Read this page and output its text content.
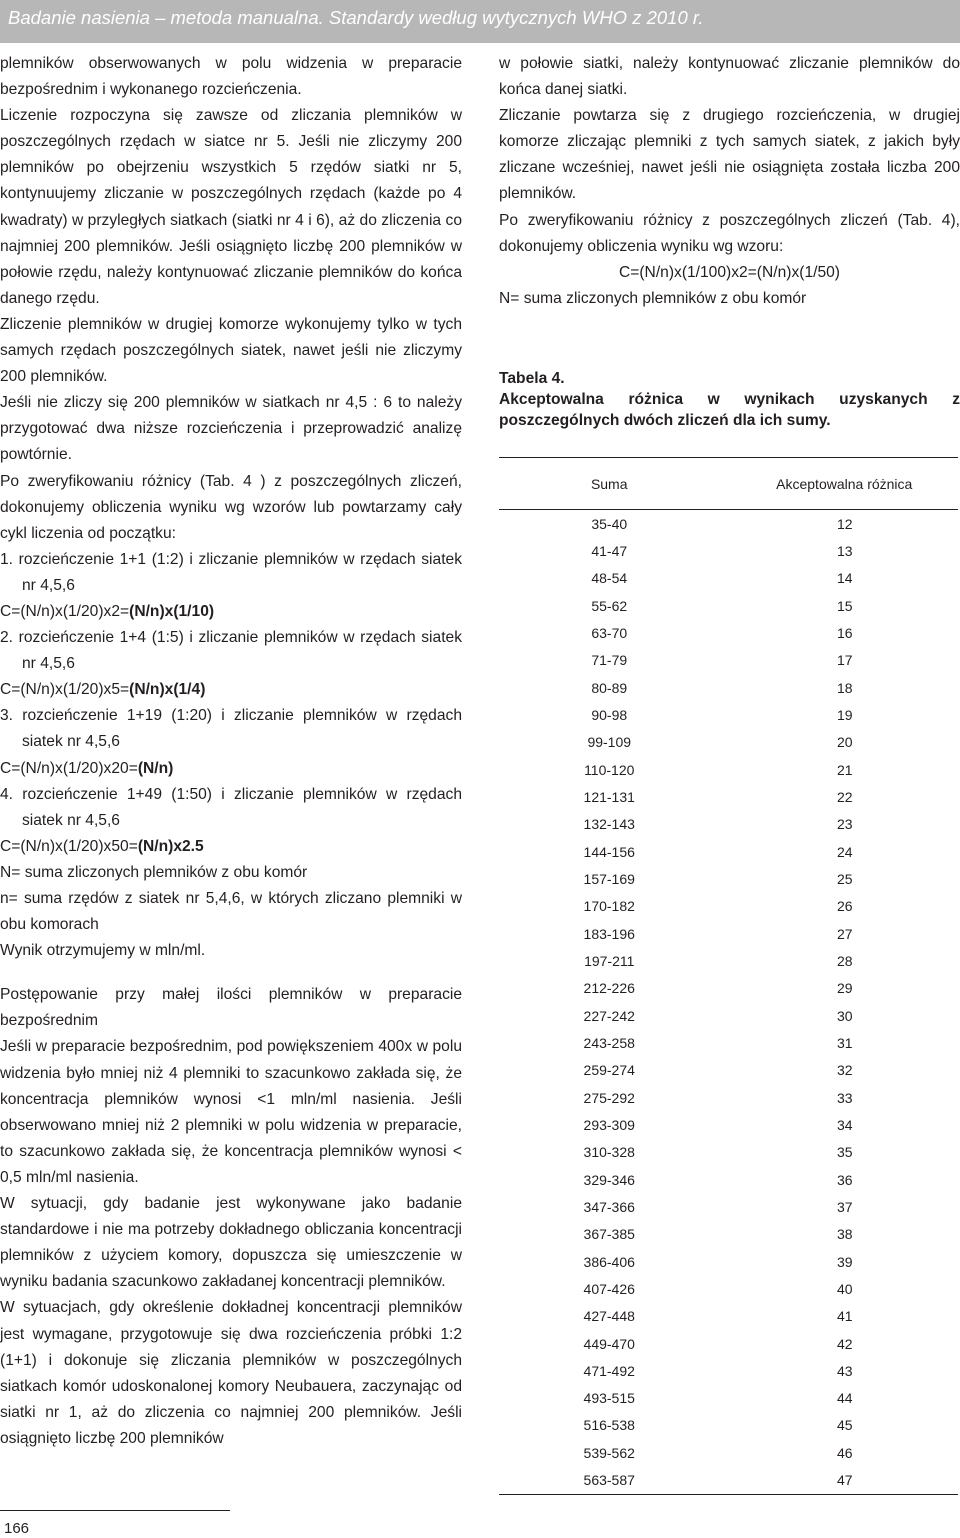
Badanie nasienia – metoda manualna. Standardy według wytycznych WHO z 2010 r.

plemników obserwowanych w polu widzenia w preparacie bezpośrednim i wykonanego rozcieńczenia.

Liczenie rozpoczyna się zawsze od zliczania plemników w poszczególnych rzędach w siatce nr 5. Jeśli nie zliczymy 200 plemników po obejrzeniu wszystkich 5 rzędów siatki nr 5, kontynuujemy zliczanie w poszczególnych rzędach (każde po 4 kwadraty) w przyległych siatkach (siatki nr 4 i 6), aż do zliczenia co najmniej 200 plemników. Jeśli osiągnięto liczbę 200 plemników w połowie rzędu, należy kontynuować zliczanie plemników do końca danego rzędu.

Zliczenie plemników w drugiej komorze wykonujemy tylko w tych samych rzędach poszczególnych siatek, nawet jeśli nie zliczymy 200 plemników.

Jeśli nie zliczy się 200 plemników w siatkach nr 4,5 : 6 to należy przygotować dwa niższe rozcieńczenia i przeprowadzić analizę powtórnie.

Po zweryfikowaniu różnicy (Tab. 4 ) z poszczególnych zliczeń, dokonujemy obliczenia wyniku wg wzorów lub powtarzamy cały cykl liczenia od początku:

1. rozcieńczenie 1+1 (1:2) i zliczanie plemników w rzędach siatek nr 4,5,6

C=(N/n)x(1/20)x2=(N/n)x(1/10)

2. rozcieńczenie 1+4 (1:5) i zliczanie plemników w rzędach siatek nr 4,5,6

C=(N/n)x(1/20)x5=(N/n)x(1/4)

3. rozcieńczenie 1+19 (1:20) i zliczanie plemników w rzędach siatek nr 4,5,6

C=(N/n)x(1/20)x20=(N/n)

4. rozcieńczenie 1+49 (1:50) i zliczanie plemników w rzędach siatek nr 4,5,6

C=(N/n)x(1/20)x50=(N/n)x2.5

N= suma zliczonych plemników z obu komór

n= suma rzędów z siatek nr 5,4,6, w których zliczano plemniki w obu komorach

Wynik otrzymujemy w mln/ml.

Postępowanie przy małej ilości plemników w preparacie bezpośrednim

Jeśli w preparacie bezpośrednim, pod powiększeniem 400x w polu widzenia było mniej niż 4 plemniki to szacunkowo zakłada się, że koncentracja plemników wynosi <1 mln/ml nasienia. Jeśli obserwowano mniej niż 2 plemniki w polu widzenia w preparacie, to szacunkowo zakłada się, że koncentracja plemników wynosi < 0,5 mln/ml nasienia.

W sytuacji, gdy badanie jest wykonywane jako badanie standardowe i nie ma potrzeby dokładnego obliczania koncentracji plemników z użyciem komory, dopuszcza się umieszczenie w wyniku badania szacunkowo zakładanej koncentracji plemników.

W sytuacjach, gdy określenie dokładnej koncentracji plemników jest wymagane, przygotowuje się dwa rozcieńczenia próbki 1:2 (1+1) i dokonuje się zliczania plemników w poszczególnych siatkach komór udoskonalonej komory Neubauera, zaczynając od siatki nr 1, aż do zliczenia co najmniej 200 plemników. Jeśli osiągnięto liczbę 200 plemników

w połowie siatki, należy kontynuować zliczanie plemników do końca danej siatki.

Zliczanie powtarza się z drugiego rozcieńczenia, w drugiej komorze zliczając plemniki z tych samych siatek, z jakich były zliczane wcześniej, nawet jeśli nie osiągnięta została liczba 200 plemników.

Po zweryfikowaniu różnicy z poszczególnych zliczeń (Tab. 4), dokonujemy obliczenia wyniku wg wzoru:

C=(N/n)x(1/100)x2=(N/n)x(1/50)

N= suma zliczonych plemników z obu komór

Tabela 4.

Akceptowalna różnica w wynikach uzyskanych z poszczególnych dwóch zliczeń dla ich sumy.

Suma	Akceptowalna różnica
35-40	12
41-47	13
48-54	14
55-62	15
63-70	16
71-79	17
80-89	18
90-98	19
99-109	20
110-120	21
121-131	22
132-143	23
144-156	24
157-169	25
170-182	26
183-196	27
197-211	28
212-226	29
227-242	30
243-258	31
259-274	32
275-292	33
293-309	34
310-328	35
329-346	36
347-366	37
367-385	38
386-406	39
407-426	40
427-448	41
449-470	42
471-492	43
493-515	44
516-538	45
539-562	46
563-587	47
166
